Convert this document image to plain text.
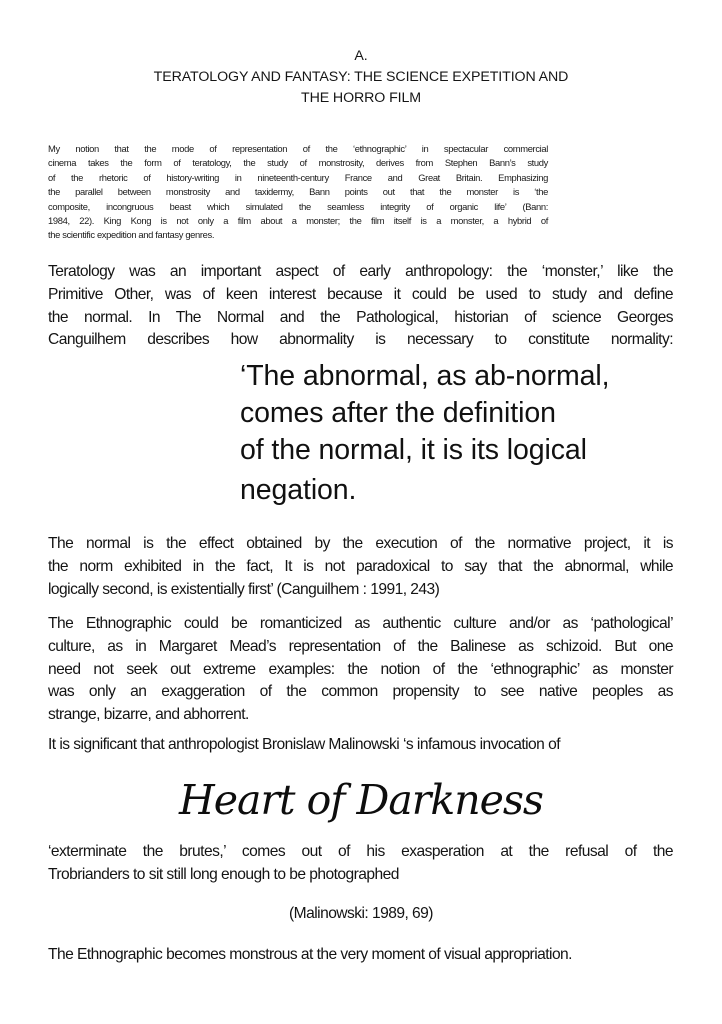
A.
TERATOLOGY AND FANTASY: THE SCIENCE EXPETITION AND
THE HORRO FILM
My notion that the mode of representation of the ‘ethnographic’ in spectacular commercial
cinema takes the form of teratology, the study of monstrosity, derives from Stephen Bann’s study
of the rhetoric of history-writing in nineteenth-century France and Great Britain. Emphasizing
the parallel between monstrosity and taxidermy, Bann points out that the monster is ‘the
composite, incongruous beast which simulated the seamless integrity of organic life’ (Bann:
1984, 22). King Kong is not only a film about a monster; the film itself is a monster, a hybrid of
the scientific expedition and fantasy genres.
Teratology was an important aspect of early anthropology: the ‘monster,’ like the
Primitive Other, was of keen interest because it could be used to study and define
the normal. In The Normal and the Pathological, historian of science Georges
Canguilhem describes how abnormality is necessary to constitute normality:
‘The abnormal, as ab-normal,
comes after the definition
of the normal, it is its logical
negation.
The normal is the effect obtained by the execution of the normative project, it is
the norm exhibited in the fact, It is not paradoxical to say that the abnormal, while
logically second, is existentially first’ (Canguilhem : 1991, 243)
The Ethnographic could be romanticized as authentic culture and/or as ‘pathological’
culture, as in Margaret Mead’s representation of the Balinese as schizoid. But one
need not seek out extreme examples: the notion of the ‘ethnographic’ as monster
was only an exaggeration of the common propensity to see native peoples as
strange, bizarre, and abhorrent.
It is significant that anthropologist Bronislaw Malinowski ‘s infamous invocation of
Heart of Darkness
‘exterminate the brutes,’ comes out of his exasperation at the refusal of the
Trobrianders to sit still long enough to be photographed
(Malinowski: 1989, 69)
The Ethnographic becomes monstrous at the very moment of visual appropriation.
